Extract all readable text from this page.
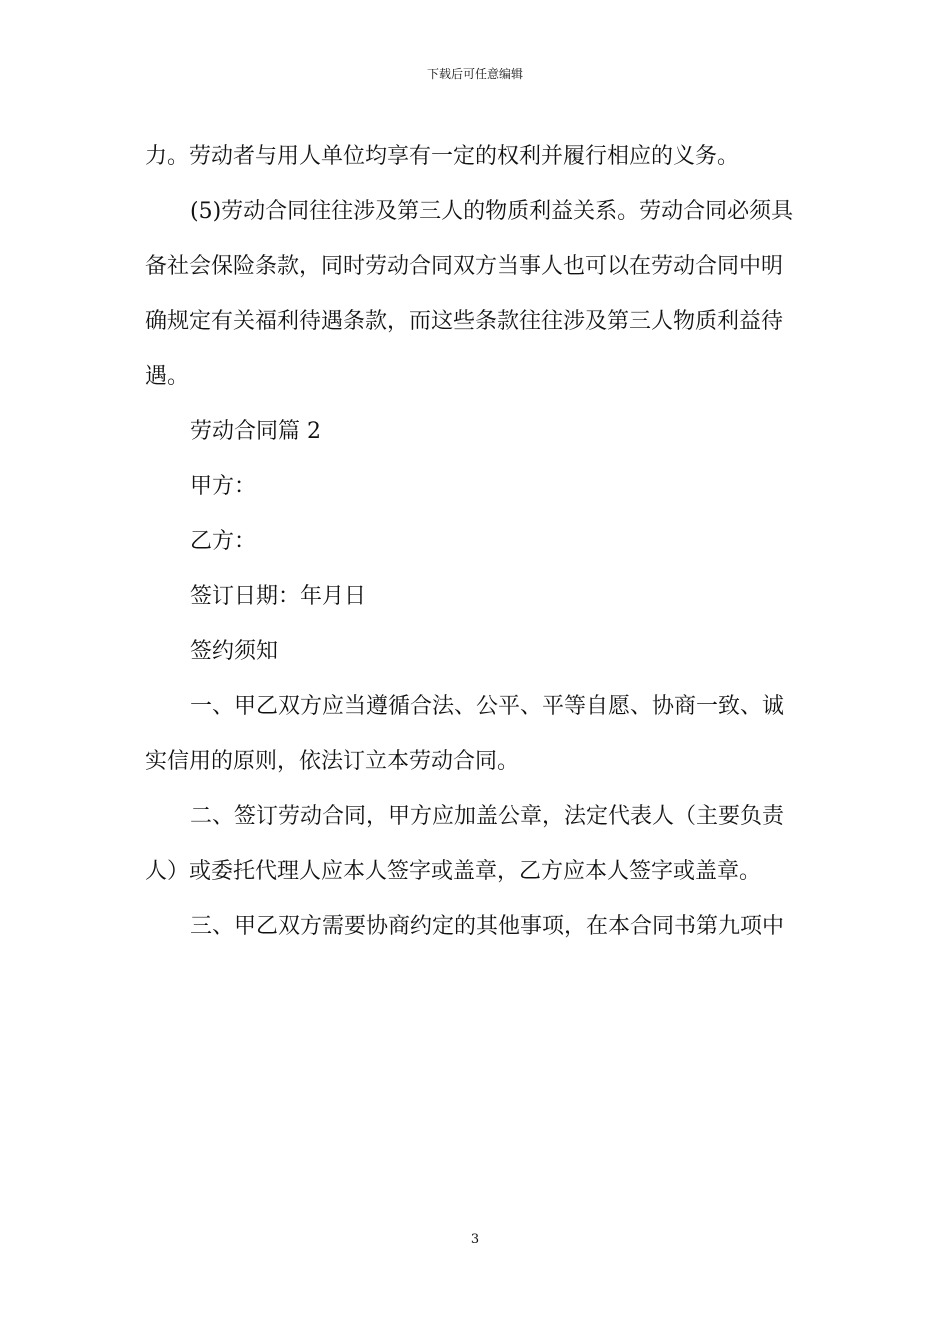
下载后可任意编辑
力。劳动者与用人单位均享有一定的权利并履行相应的义务。
(5)劳动合同往往涉及第三人的物质利益关系。劳动合同必须具
备社会保险条款，同时劳动合同双方当事人也可以在劳动合同中明
确规定有关福利待遇条款，而这些条款往往涉及第三人物质利益待
遇。
劳动合同篇 2
甲方：
乙方：
签订日期：年月日
签约须知
一、甲乙双方应当遵循合法、公平、平等自愿、协商一致、诚
实信用的原则，依法订立本劳动合同。
二、签订劳动合同，甲方应加盖公章，法定代表人（主要负责
人）或委托代理人应本人签字或盖章，乙方应本人签字或盖章。
三、甲乙双方需要协商约定的其他事项，在本合同书第九项中
3
